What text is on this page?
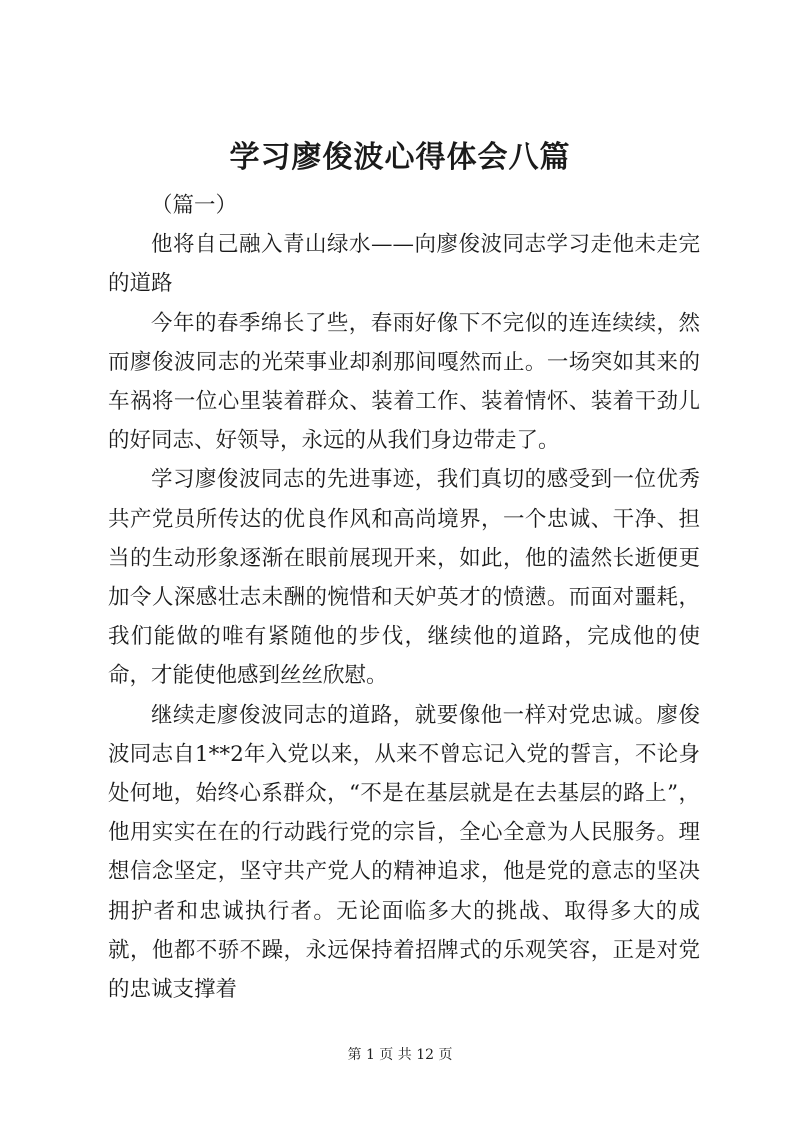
学习廖俊波心得体会八篇

（篇一）

他将自己融入青山绿水——向廖俊波同志学习走他未走完的道路

今年的春季绵长了些，春雨好像下不完似的连连续续，然而廖俊波同志的光荣事业却刹那间嘎然而止。一场突如其来的车祸将一位心里装着群众、装着工作、装着情怀、装着干劲儿的好同志、好领导，永远的从我们身边带走了。

学习廖俊波同志的先进事迹，我们真切的感受到一位优秀共产党员所传达的优良作风和高尚境界，一个忠诚、干净、担当的生动形象逐渐在眼前展现开来，如此，他的溘然长逝便更加令人深感壮志未酬的惋惜和天妒英才的愤懑。而面对噩耗，我们能做的唯有紧随他的步伐，继续他的道路，完成他的使命，才能使他感到丝丝欣慰。

继续走廖俊波同志的道路，就要像他一样对党忠诚。廖俊波同志自1**2年入党以来，从来不曾忘记入党的誓言，不论身处何地，始终心系群众，“不是在基层就是在去基层的路上”，他用实实在在的行动践行党的宗旨，全心全意为人民服务。理想信念坚定，坚守共产党人的精神追求，他是党的意志的坚决拥护者和忠诚执行者。无论面临多大的挑战、取得多大的成就，他都不骄不躁，永远保持着招牌式的乐观笑容，正是对党的忠诚支撑着

第 1 页 共 12 页
